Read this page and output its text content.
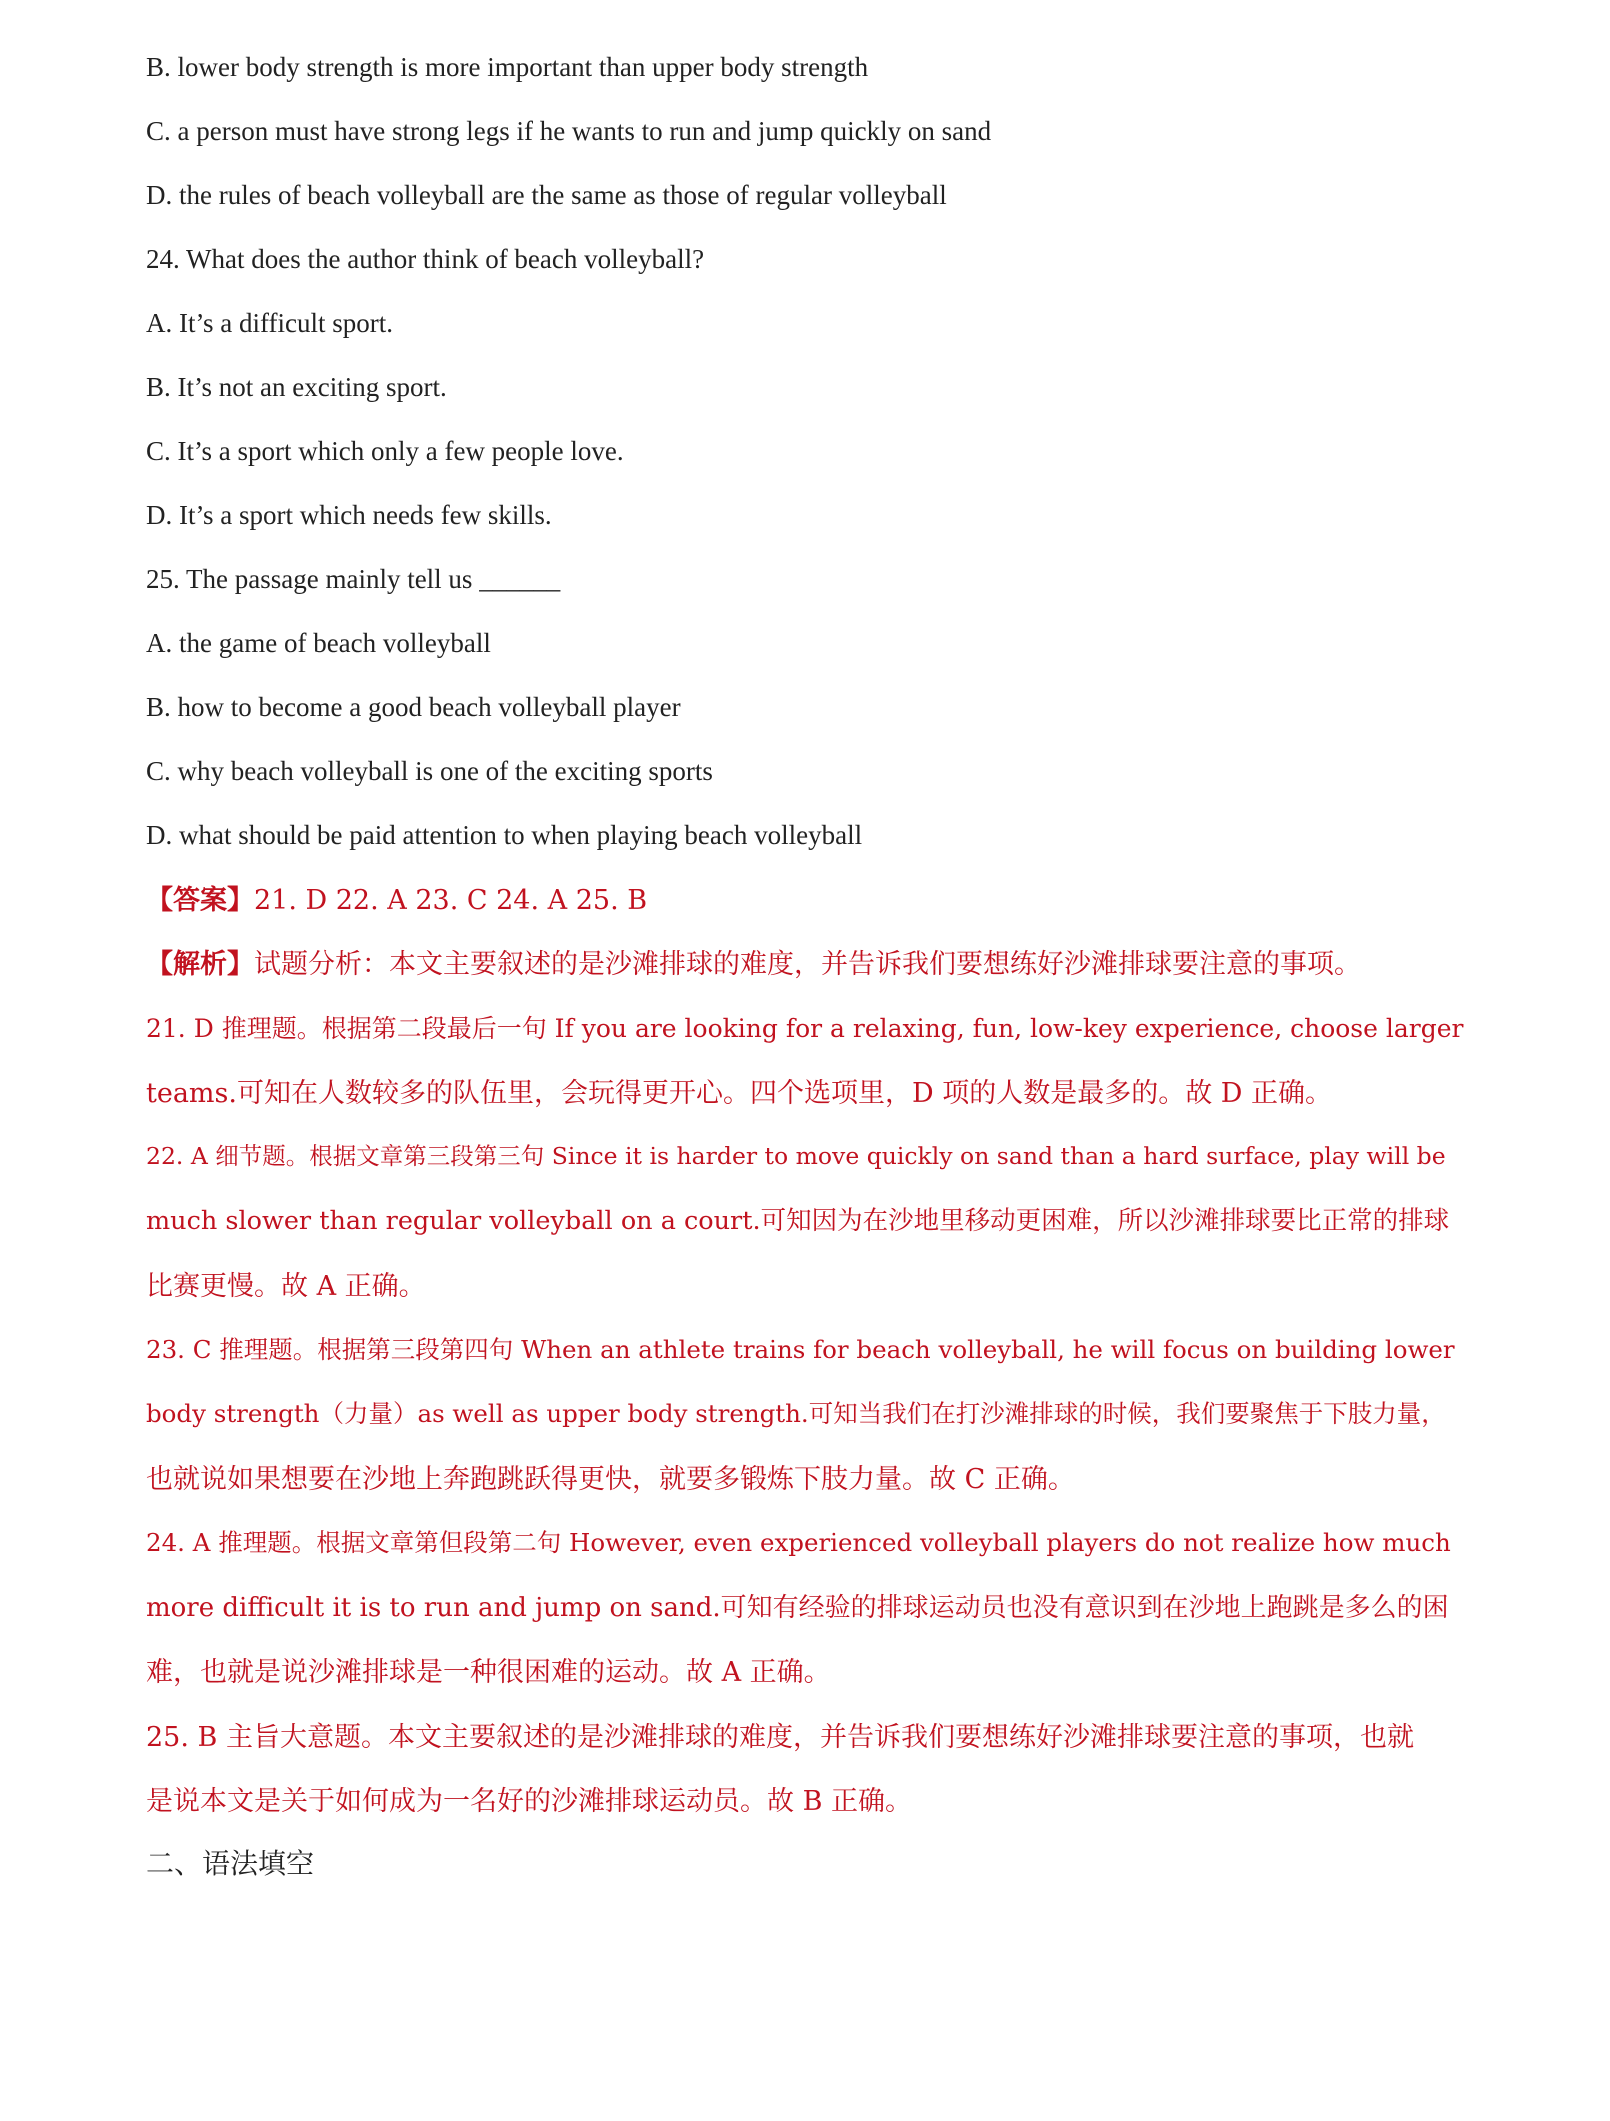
B. lower body strength is more important than upper body strength

C. a person must have strong legs if he wants to run and jump quickly on sand

D. the rules of beach volleyball are the same as those of regular volleyball

24. What does the author think of beach volleyball?

A. It’s a difficult sport.

B. It’s not an exciting sport.

C. It’s a sport which only a few people love.

D. It’s a sport which needs few skills.

25. The passage mainly tell us ______

A. the game of beach volleyball

B. how to become a good beach volleyball player

C. why beach volleyball is one of the exciting sports

D. what should be paid attention to when playing beach volleyball

【答案】21. D 22. A 23. C 24. A 25. B

【解析】试题分析：本文主要叙述的是沙滩排球的难度，并告诉我们要想练好沙滩排球要注意的事项。

21. D 推理题。根据第二段最后一句 If you are looking for a relaxing, fun, low-key experience, choose larger

teams.可知在人数较多的队伍里，会玩得更开心。四个选项里，D 项的人数是最多的。故 D 正确。

22. A 细节题。根据文章第三段第三句 Since it is harder to move quickly on sand than a hard surface, play will be

much slower than regular volleyball on a court.可知因为在沙地里移动更困难，所以沙滩排球要比正常的排球

比赛更慢。故 A 正确。

23. C 推理题。根据第三段第四句 When an athlete trains for beach volleyball, he will focus on building lower

body strength（力量）as well as upper body strength.可知当我们在打沙滩排球的时候，我们要聚焦于下肢力量，

也就说如果想要在沙地上奔跑跳跃得更快，就要多锻炼下肢力量。故 C 正确。

24. A 推理题。根据文章第但段第二句 However, even experienced volleyball players do not realize how much

more difficult it is to run and jump on sand.可知有经验的排球运动员也没有意识到在沙地上跑跳是多么的困

难，也就是说沙滩排球是一种很困难的运动。故 A 正确。

25. B 主旨大意题。本文主要叙述的是沙滩排球的难度，并告诉我们要想练好沙滩排球要注意的事项，也就

是说本文是关于如何成为一名好的沙滩排球运动员。故 B 正确。

二、语法填空
